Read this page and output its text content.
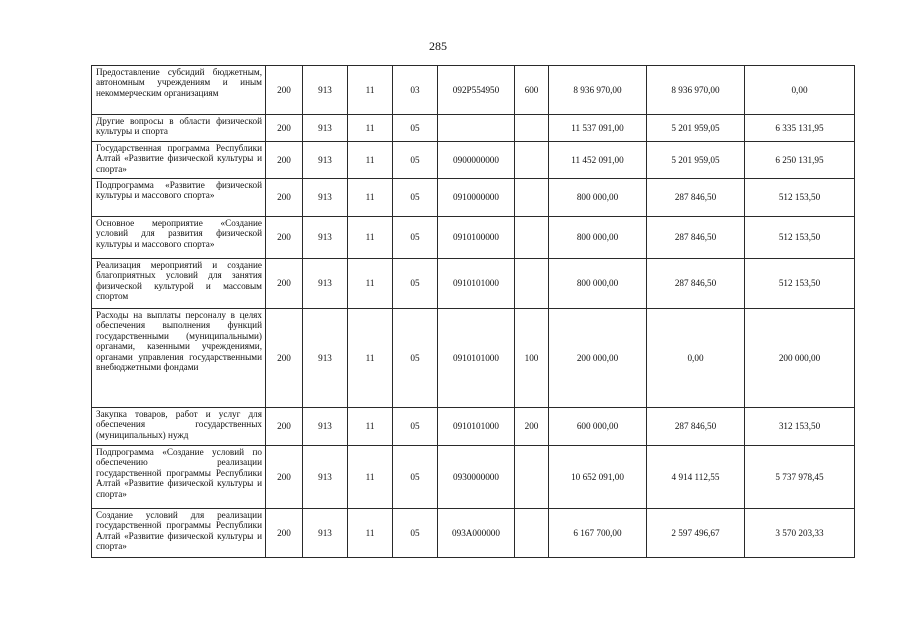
285
Предоставление субсидий бюджетным, автономным учреждениям и иным некоммерческим организациям	200	913	11	03	092P554950	600	8 936 970,00	8 936 970,00	0,00
Другие вопросы в области физической культуры и спорта	200	913	11	05			11 537 091,00	5 201 959,05	6 335 131,95
Государственная программа Республики Алтай «Развитие физической культуры и спорта»	200	913	11	05	0900000000		11 452 091,00	5 201 959,05	6 250 131,95
Подпрограмма «Развитие физической культуры и массового спорта»	200	913	11	05	0910000000		800 000,00	287 846,50	512 153,50
Основное мероприятие «Создание условий для развития физической культуры и массового спорта»	200	913	11	05	0910100000		800 000,00	287 846,50	512 153,50
Реализация мероприятий и создание благоприятных условий для занятия физической культурой и массовым спортом	200	913	11	05	0910101000		800 000,00	287 846,50	512 153,50
Расходы на выплаты персоналу в целях обеспечения выполнения функций государственными (муниципальными) органами, казенными учреждениями, органами управления государственными внебюджетными фондами	200	913	11	05	0910101000	100	200 000,00	0,00	200 000,00
Закупка товаров, работ и услуг для обеспечения государственных (муниципальных) нужд	200	913	11	05	0910101000	200	600 000,00	287 846,50	312 153,50
Подпрограмма «Создание условий по обеспечению реализации государственной программы Республики Алтай «Развитие физической культуры и спорта»	200	913	11	05	0930000000		10 652 091,00	4 914 112,55	5 737 978,45
Создание условий для реализации государственной программы Республики Алтай «Развитие физической культуры и спорта»	200	913	11	05	093А000000		6 167 700,00	2 597 496,67	3 570 203,33
